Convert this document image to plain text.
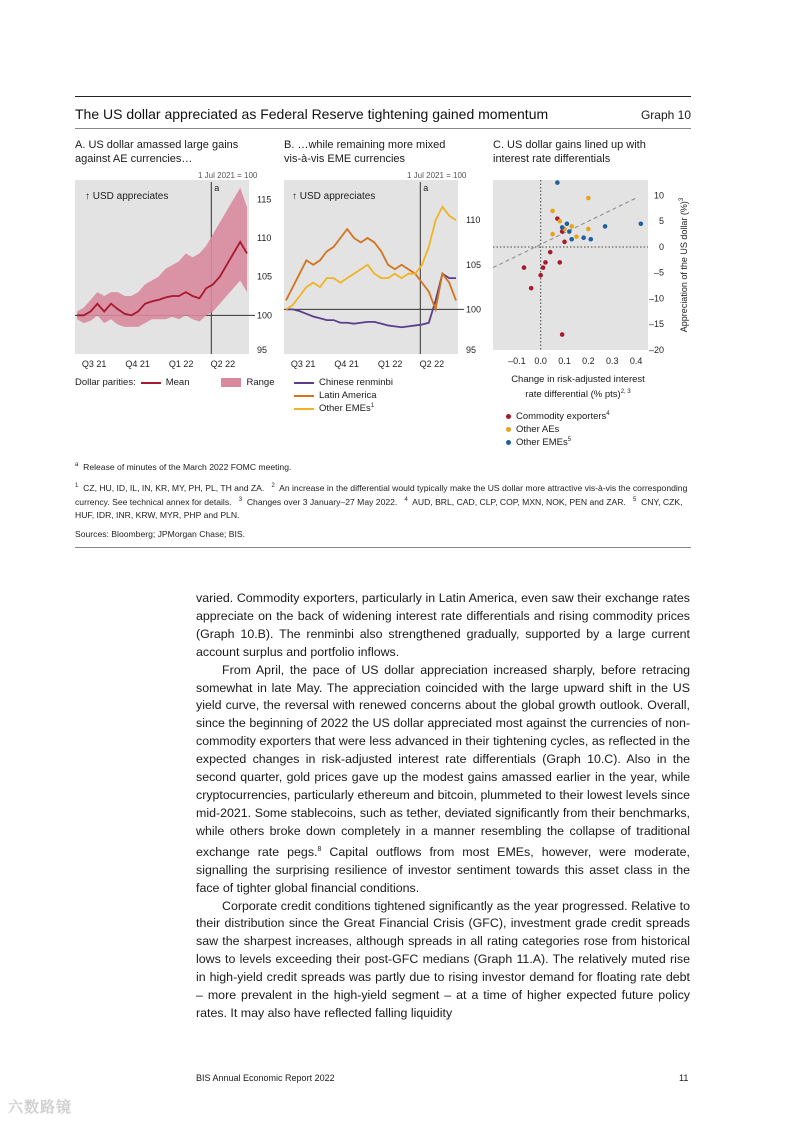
The US dollar appreciated as Federal Reserve tightening gained momentum	Graph 10
A. US dollar amassed large gains
against AE currencies…
B. …while remaining more mixed
vis-à-vis EME currencies
C. US dollar gains lined up with
interest rate differentials
1 Jul 2021 = 100	1 Jul 2021 = 100
↑ USD appreciates
a
95
100
105
110
115
Q3 21 Q4 21 Q1 22 Q2 22
↑ USD appreciates
a
95
100
105
110
Q3 21 Q4 21 Q1 22 Q2 22
–20
–15
–10
–5
0
5
10
–0.1 0.0 0.1 0.2 0.3 0.4
Appreciation of the US dollar (%)$^3$
Dollar parities:	Mean	Range	Chinese renminbi
Latin America
Other EMEs$^1$
Change in risk-adjusted interest
rate differential (% pts)$^{2, 3}$
Commodity exporters$^4$
Other AEs
Other EMEs$^5$
$^a$ Release of minutes of the March 2022 FOMC meeting.
$^1$ CZ, HU, ID, IL, IN, KR, MY, PH, PL, TH and ZA. $^2$ An increase in the differential would typically make the US dollar more attractive vis-à-vis the corresponding currency. See technical annex for details. $^3$ Changes over 3 January–27 May 2022. $^4$ AUD, BRL, CAD, CLP, COP, MXN, NOK, PEN and ZAR. $^5$ CNY, CZK, HUF, IDR, INR, KRW, MYR, PHP and PLN.
Sources: Bloomberg; JPMorgan Chase; BIS.

varied. Commodity exporters, particularly in Latin America, even saw their exchange rates appreciate on the back of widening interest rate differentials and rising commodity prices (Graph 10.B). The renminbi also strengthened gradually, supported by a large current account surplus and portfolio inflows.

From April, the pace of US dollar appreciation increased sharply, before retracing somewhat in late May. The appreciation coincided with the large upward shift in the US yield curve, the reversal with renewed concerns about the global growth outlook. Overall, since the beginning of 2022 the US dollar appreciated most against the currencies of non-commodity exporters that were less advanced in their tightening cycles, as reflected in the expected changes in risk-adjusted interest rate differentials (Graph 10.C). Also in the second quarter, gold prices gave up the modest gains amassed earlier in the year, while cryptocurrencies, particularly ethereum and bitcoin, plummeted to their lowest levels since mid-2021. Some stablecoins, such as tether, deviated significantly from their benchmarks, while others broke down completely in a manner resembling the collapse of traditional exchange rate pegs.$^8$ Capital outflows from most EMEs, however, were moderate, signalling the surprising resilience of investor sentiment towards this asset class in the face of tighter global financial conditions.

Corporate credit conditions tightened significantly as the year progressed. Relative to their distribution since the Great Financial Crisis (GFC), investment grade credit spreads saw the sharpest increases, although spreads in all rating categories rose from historical lows to levels exceeding their post-GFC medians (Graph 11.A). The relatively muted rise in high-yield credit spreads was partly due to rising investor demand for floating rate debt – more prevalent in the high-yield segment – at a time of higher expected future policy rates. It may also have reflected falling liquidity

BIS Annual Economic Report 2022	11
六数路镜
